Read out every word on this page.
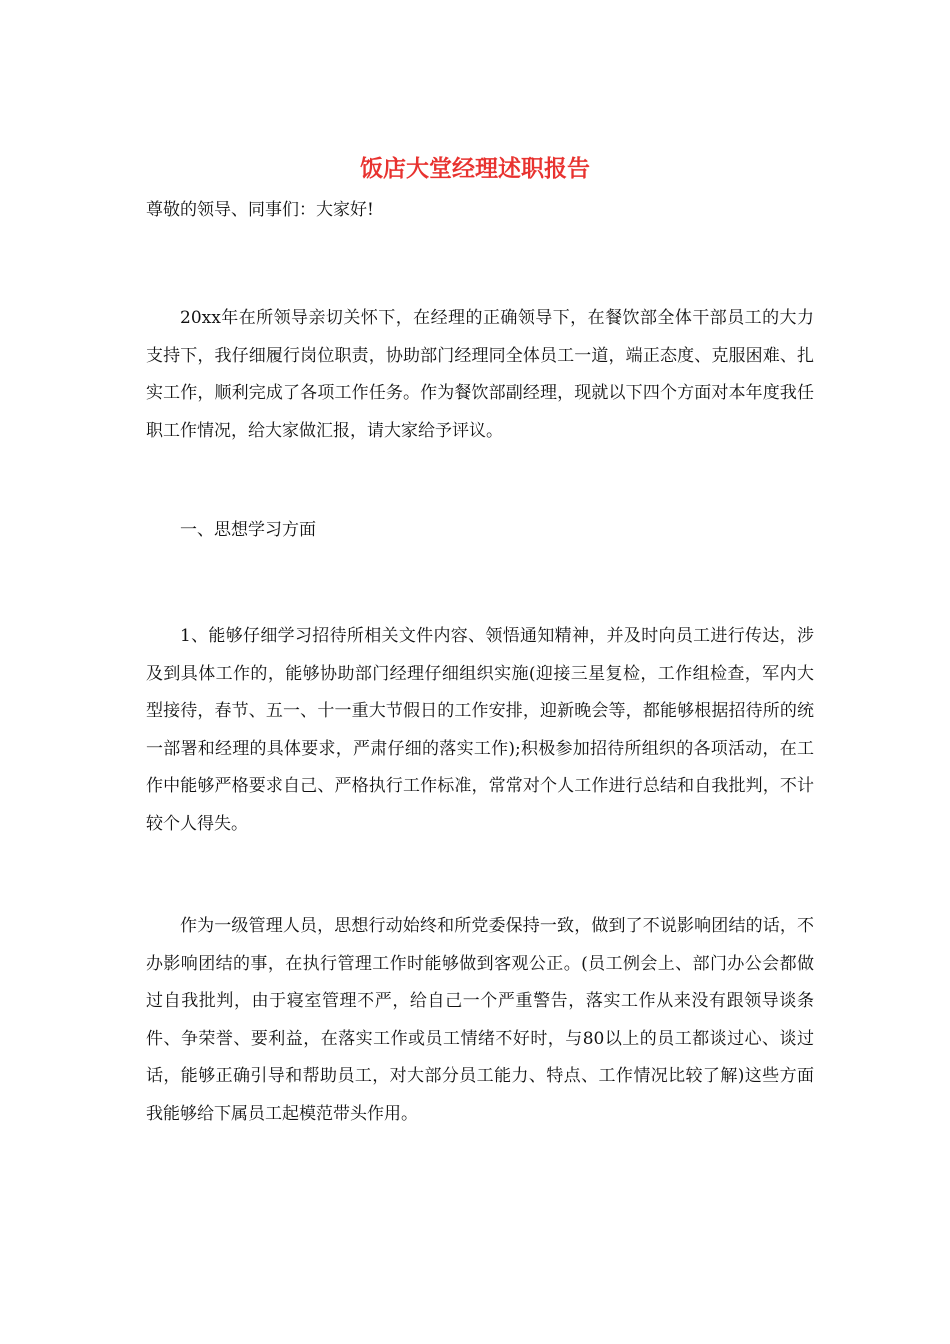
饭店大堂经理述职报告

尊敬的领导、同事们：大家好!

20xx年在所领导亲切关怀下，在经理的正确领导下，在餐饮部全体干部员工的大力支持下，我仔细履行岗位职责，协助部门经理同全体员工一道，端正态度、克服困难、扎实工作，顺利完成了各项工作任务。作为餐饮部副经理，现就以下四个方面对本年度我任职工作情况，给大家做汇报，请大家给予评议。

一、思想学习方面

1、能够仔细学习招待所相关文件内容、领悟通知精神，并及时向员工进行传达，涉及到具体工作的，能够协助部门经理仔细组织实施(迎接三星复检，工作组检查，军内大型接待，春节、五一、十一重大节假日的工作安排，迎新晚会等，都能够根据招待所的统一部署和经理的具体要求，严肃仔细的落实工作);积极参加招待所组织的各项活动，在工作中能够严格要求自己、严格执行工作标准，常常对个人工作进行总结和自我批判，不计较个人得失。

作为一级管理人员，思想行动始终和所党委保持一致，做到了不说影响团结的话，不办影响团结的事，在执行管理工作时能够做到客观公正。(员工例会上、部门办公会都做过自我批判，由于寝室管理不严，给自己一个严重警告，落实工作从来没有跟领导谈条件、争荣誉、要利益，在落实工作或员工情绪不好时，与80以上的员工都谈过心、谈过话，能够正确引导和帮助员工，对大部分员工能力、特点、工作情况比较了解)这些方面我能够给下属员工起模范带头作用。
